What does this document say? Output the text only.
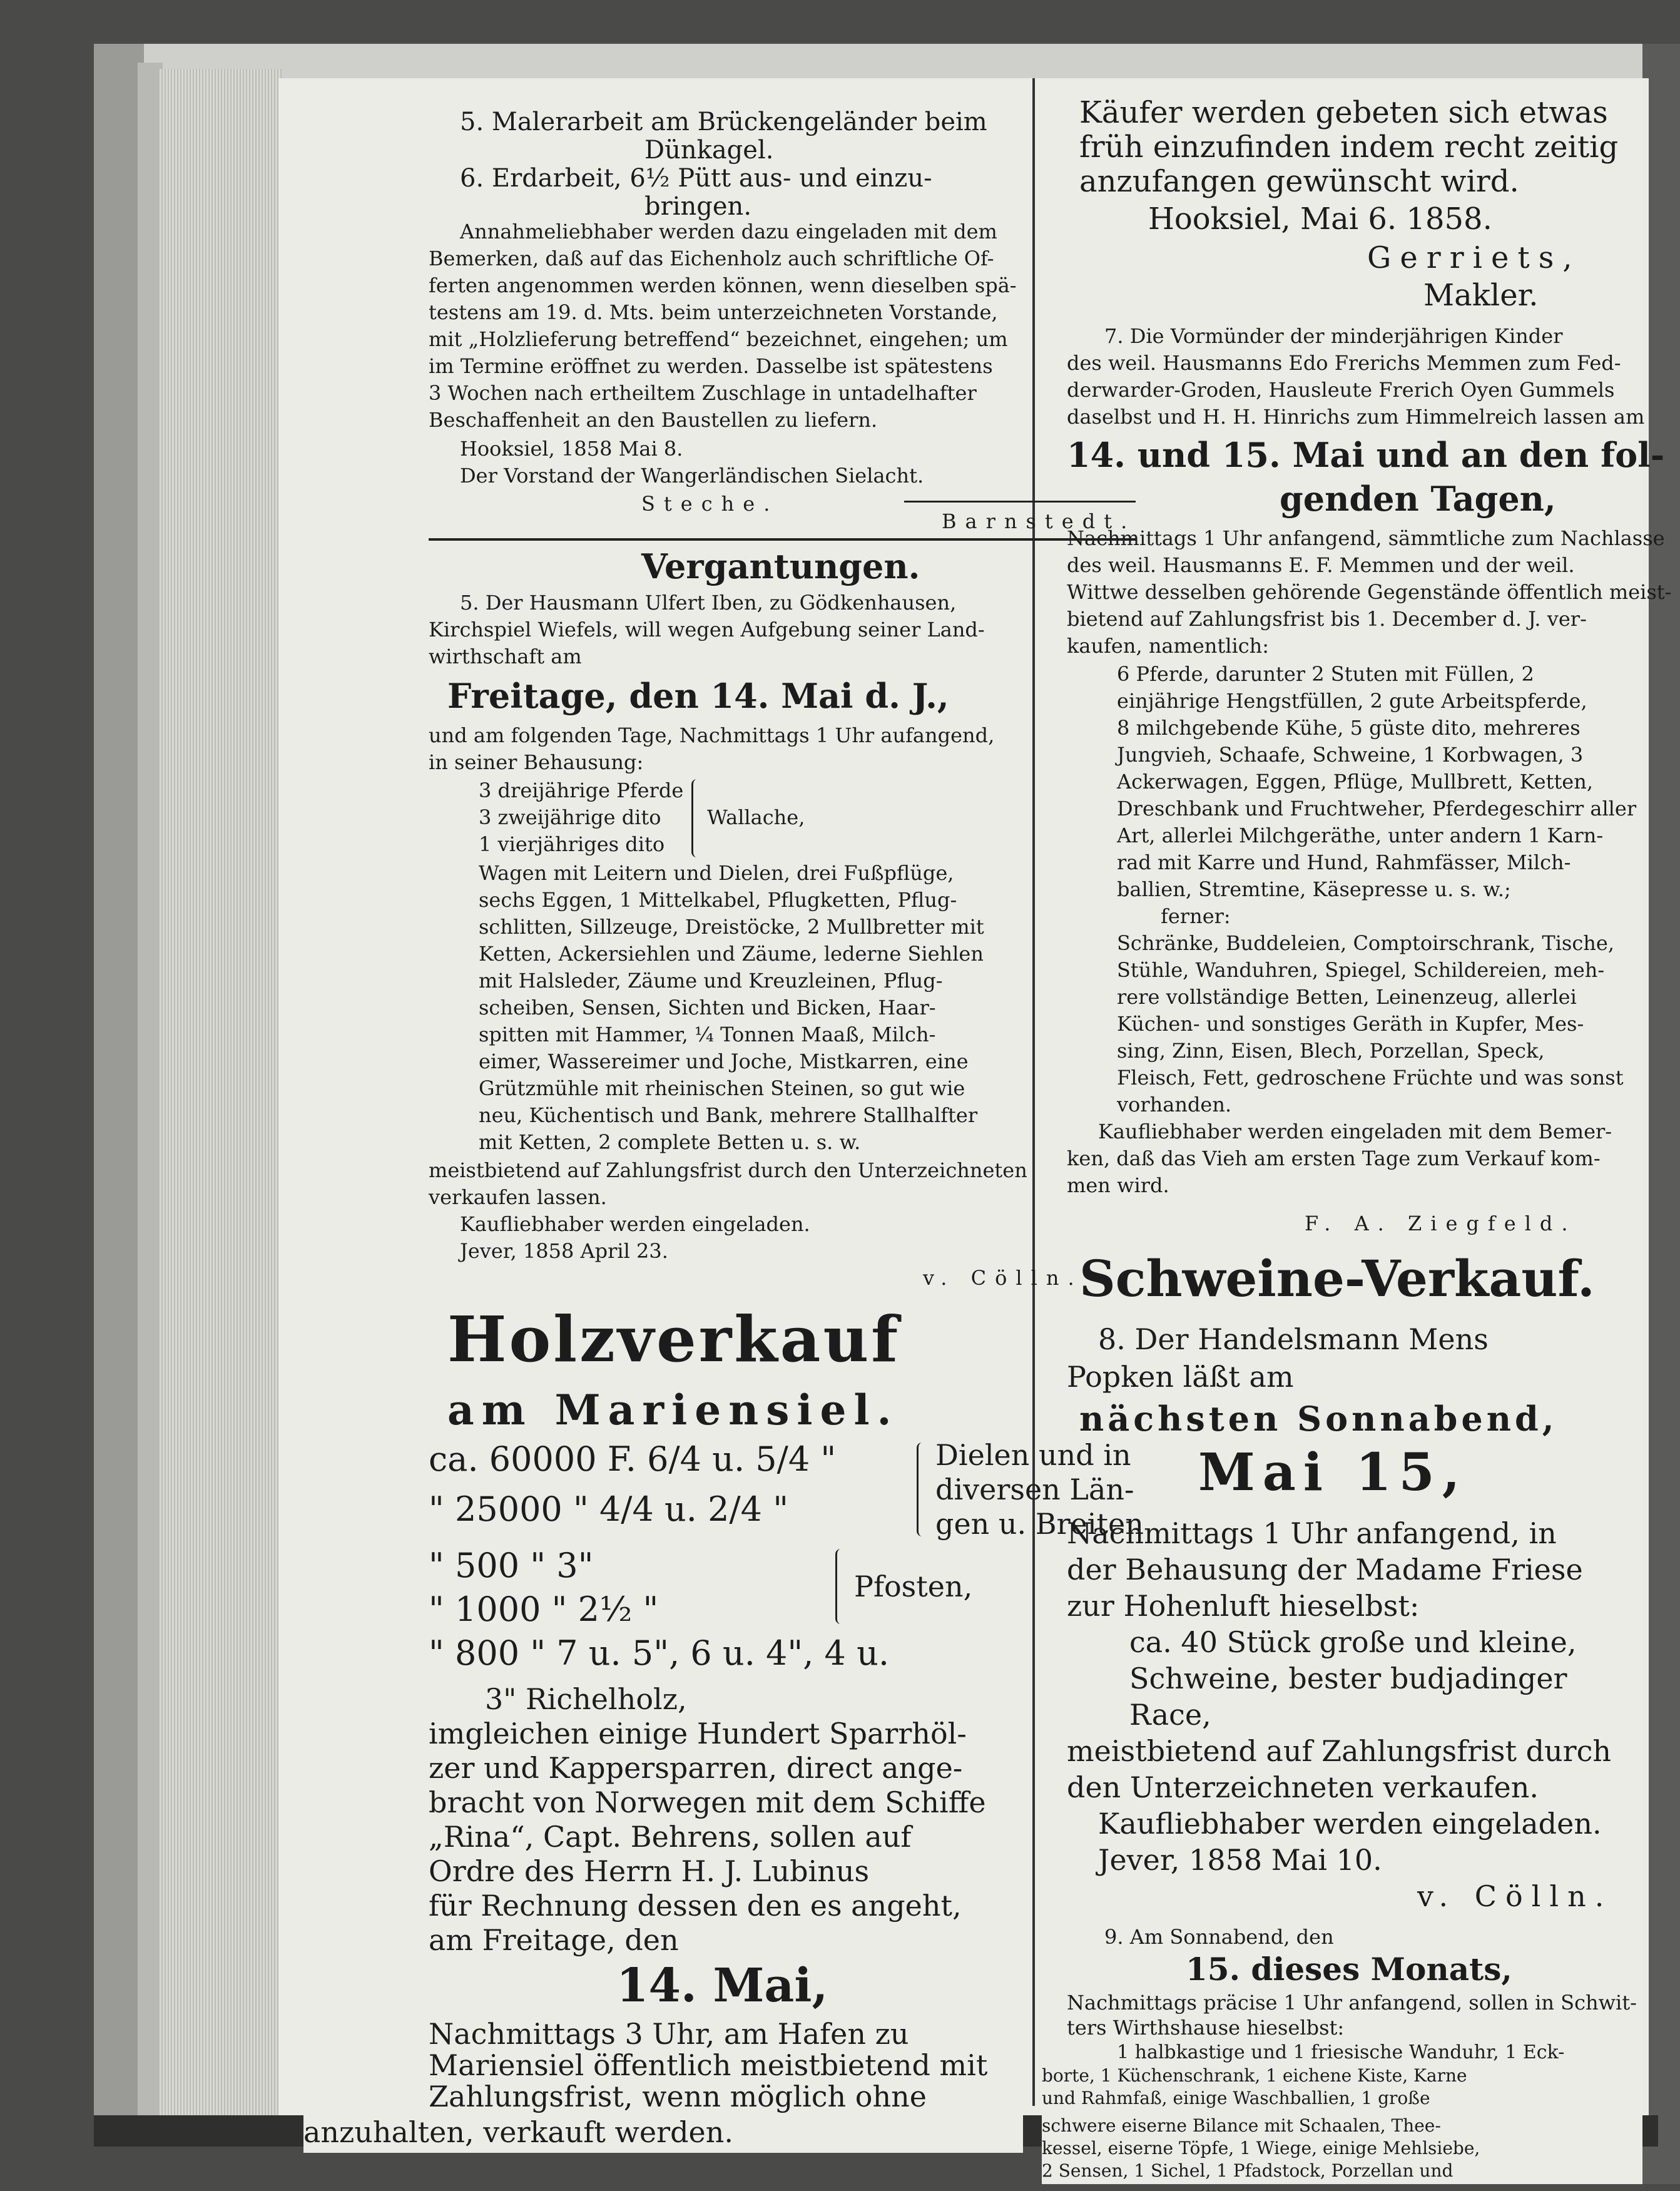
5. Malerarbeit am Brückengeländer beim
Dünkagel.
6. Erdarbeit, 6½ Pütt aus- und einzu-
bringen.
Annahmeliebhaber werden dazu eingeladen mit dem
Bemerken, daß auf das Eichenholz auch schriftliche Of-
ferten angenommen werden können, wenn dieselben spä-
testens am 19. d. Mts. beim unterzeichneten Vorstande,
mit „Holzlieferung betreffend“ bezeichnet, eingehen; um
im Termine eröffnet zu werden. Dasselbe ist spätestens
3 Wochen nach ertheiltem Zuschlage in untadelhafter
Beschaffenheit an den Baustellen zu liefern.
Hooksiel, 1858 Mai 8.
Der Vorstand der Wangerländischen Sielacht.
Steche.
Barnstedt.
Vergantungen.
5. Der Hausmann Ulfert Iben, zu Gödkenhausen,
Kirchspiel Wiefels, will wegen Aufgebung seiner Land-
wirthschaft am
Freitage, den 14. Mai d. J.,
und am folgenden Tage, Nachmittags 1 Uhr aufangend,
in seiner Behausung:
3 dreijährige Pferde
3 zweijährige dito
1 vierjähriges dito
Wallache,
Wagen mit Leitern und Dielen, drei Fußpflüge,
sechs Eggen, 1 Mittelkabel, Pflugketten, Pflug-
schlitten, Sillzeuge, Dreistöcke, 2 Mullbretter mit
Ketten, Ackersiehlen und Zäume, lederne Siehlen
mit Halsleder, Zäume und Kreuzleinen, Pflug-
scheiben, Sensen, Sichten und Bicken, Haar-
spitten mit Hammer, ¼ Tonnen Maaß, Milch-
eimer, Wassereimer und Joche, Mistkarren, eine
Grützmühle mit rheinischen Steinen, so gut wie
neu, Küchentisch und Bank, mehrere Stallhalfter
mit Ketten, 2 complete Betten u. s. w.
meistbietend auf Zahlungsfrist durch den Unterzeichneten
verkaufen lassen.
Kaufliebhaber werden eingeladen.
Jever, 1858 April 23.
v. Cölln.
Holzverkauf
am Mariensiel.
ca. 60000 F. 6/4 u. 5/4 "
" 25000 " 4/4 u. 2/4 "
Dielen und in
diversen Län-
gen u. Breiten
" 500 " 3"
" 1000 " 2½ "
Pfosten,
" 800 " 7 u. 5", 6 u. 4", 4 u.
3" Richelholz,
imgleichen einige Hundert Sparrhöl-
zer und Kappersparren, direct ange-
bracht von Norwegen mit dem Schiffe
„Rina“, Capt. Behrens, sollen auf
Ordre des Herrn H. J. Lubinus
für Rechnung dessen den es angeht,
am Freitage, den
14. Mai,
Nachmittags 3 Uhr, am Hafen zu
Mariensiel öffentlich meistbietend mit
Zahlungsfrist, wenn möglich ohne
Käufer werden gebeten sich etwas
früh einzufinden indem recht zeitig
anzufangen gewünscht wird.
Hooksiel, Mai 6. 1858.
Gerriets,
Makler.
7. Die Vormünder der minderjährigen Kinder
des weil. Hausmanns Edo Frerichs Memmen zum Fed-
derwarder-Groden, Hausleute Frerich Oyen Gummels
daselbst und H. H. Hinrichs zum Himmelreich lassen am
14. und 15. Mai und an den fol-
genden Tagen,
Nachmittags 1 Uhr anfangend, sämmtliche zum Nachlasse
des weil. Hausmanns E. F. Memmen und der weil.
Wittwe desselben gehörende Gegenstände öffentlich meist-
bietend auf Zahlungsfrist bis 1. December d. J. ver-
kaufen, namentlich:
6 Pferde, darunter 2 Stuten mit Füllen, 2
einjährige Hengstfüllen, 2 gute Arbeitspferde,
8 milchgebende Kühe, 5 güste dito, mehreres
Jungvieh, Schaafe, Schweine, 1 Korbwagen, 3
Ackerwagen, Eggen, Pflüge, Mullbrett, Ketten,
Dreschbank und Fruchtweher, Pferdegeschirr aller
Art, allerlei Milchgeräthe, unter andern 1 Karn-
rad mit Karre und Hund, Rahmfässer, Milch-
ballien, Stremtine, Käsepresse u. s. w.;
ferner:
Schränke, Buddeleien, Comptoirschrank, Tische,
Stühle, Wanduhren, Spiegel, Schildereien, meh-
rere vollständige Betten, Leinenzeug, allerlei
Küchen- und sonstiges Geräth in Kupfer, Mes-
sing, Zinn, Eisen, Blech, Porzellan, Speck,
Fleisch, Fett, gedroschene Früchte und was sonst
vorhanden.
Kaufliebhaber werden eingeladen mit dem Bemer-
ken, daß das Vieh am ersten Tage zum Verkauf kom-
men wird.
F. A. Ziegfeld.
Schweine-Verkauf.
8. Der Handelsmann Mens
Popken läßt am
nächsten Sonnabend,
Mai 15,
Nachmittags 1 Uhr anfangend, in
der Behausung der Madame Friese
zur Hohenluft hieselbst:
ca. 40 Stück große und kleine,
Schweine, bester budjadinger
Race,
meistbietend auf Zahlungsfrist durch
den Unterzeichneten verkaufen.
Kaufliebhaber werden eingeladen.
Jever, 1858 Mai 10.
v. Cölln.
9. Am Sonnabend, den
15. dieses Monats,
Nachmittags präcise 1 Uhr anfangend, sollen in Schwit-
ters Wirthshause hieselbst:
1 halbkastige und 1 friesische Wanduhr, 1 Eck-
borte, 1 Küchenschrank, 1 eichene Kiste, Karne
und Rahmfaß, einige Waschballien, 1 große
schwere eiserne Bilance mit Schaalen, Thee-
kessel, eiserne Töpfe, 1 Wiege, einige Mehlsiebe,
2 Sensen, 1 Sichel, 1 Pfadstock, Porzellan und
anzuhalten, verkauft werden.
